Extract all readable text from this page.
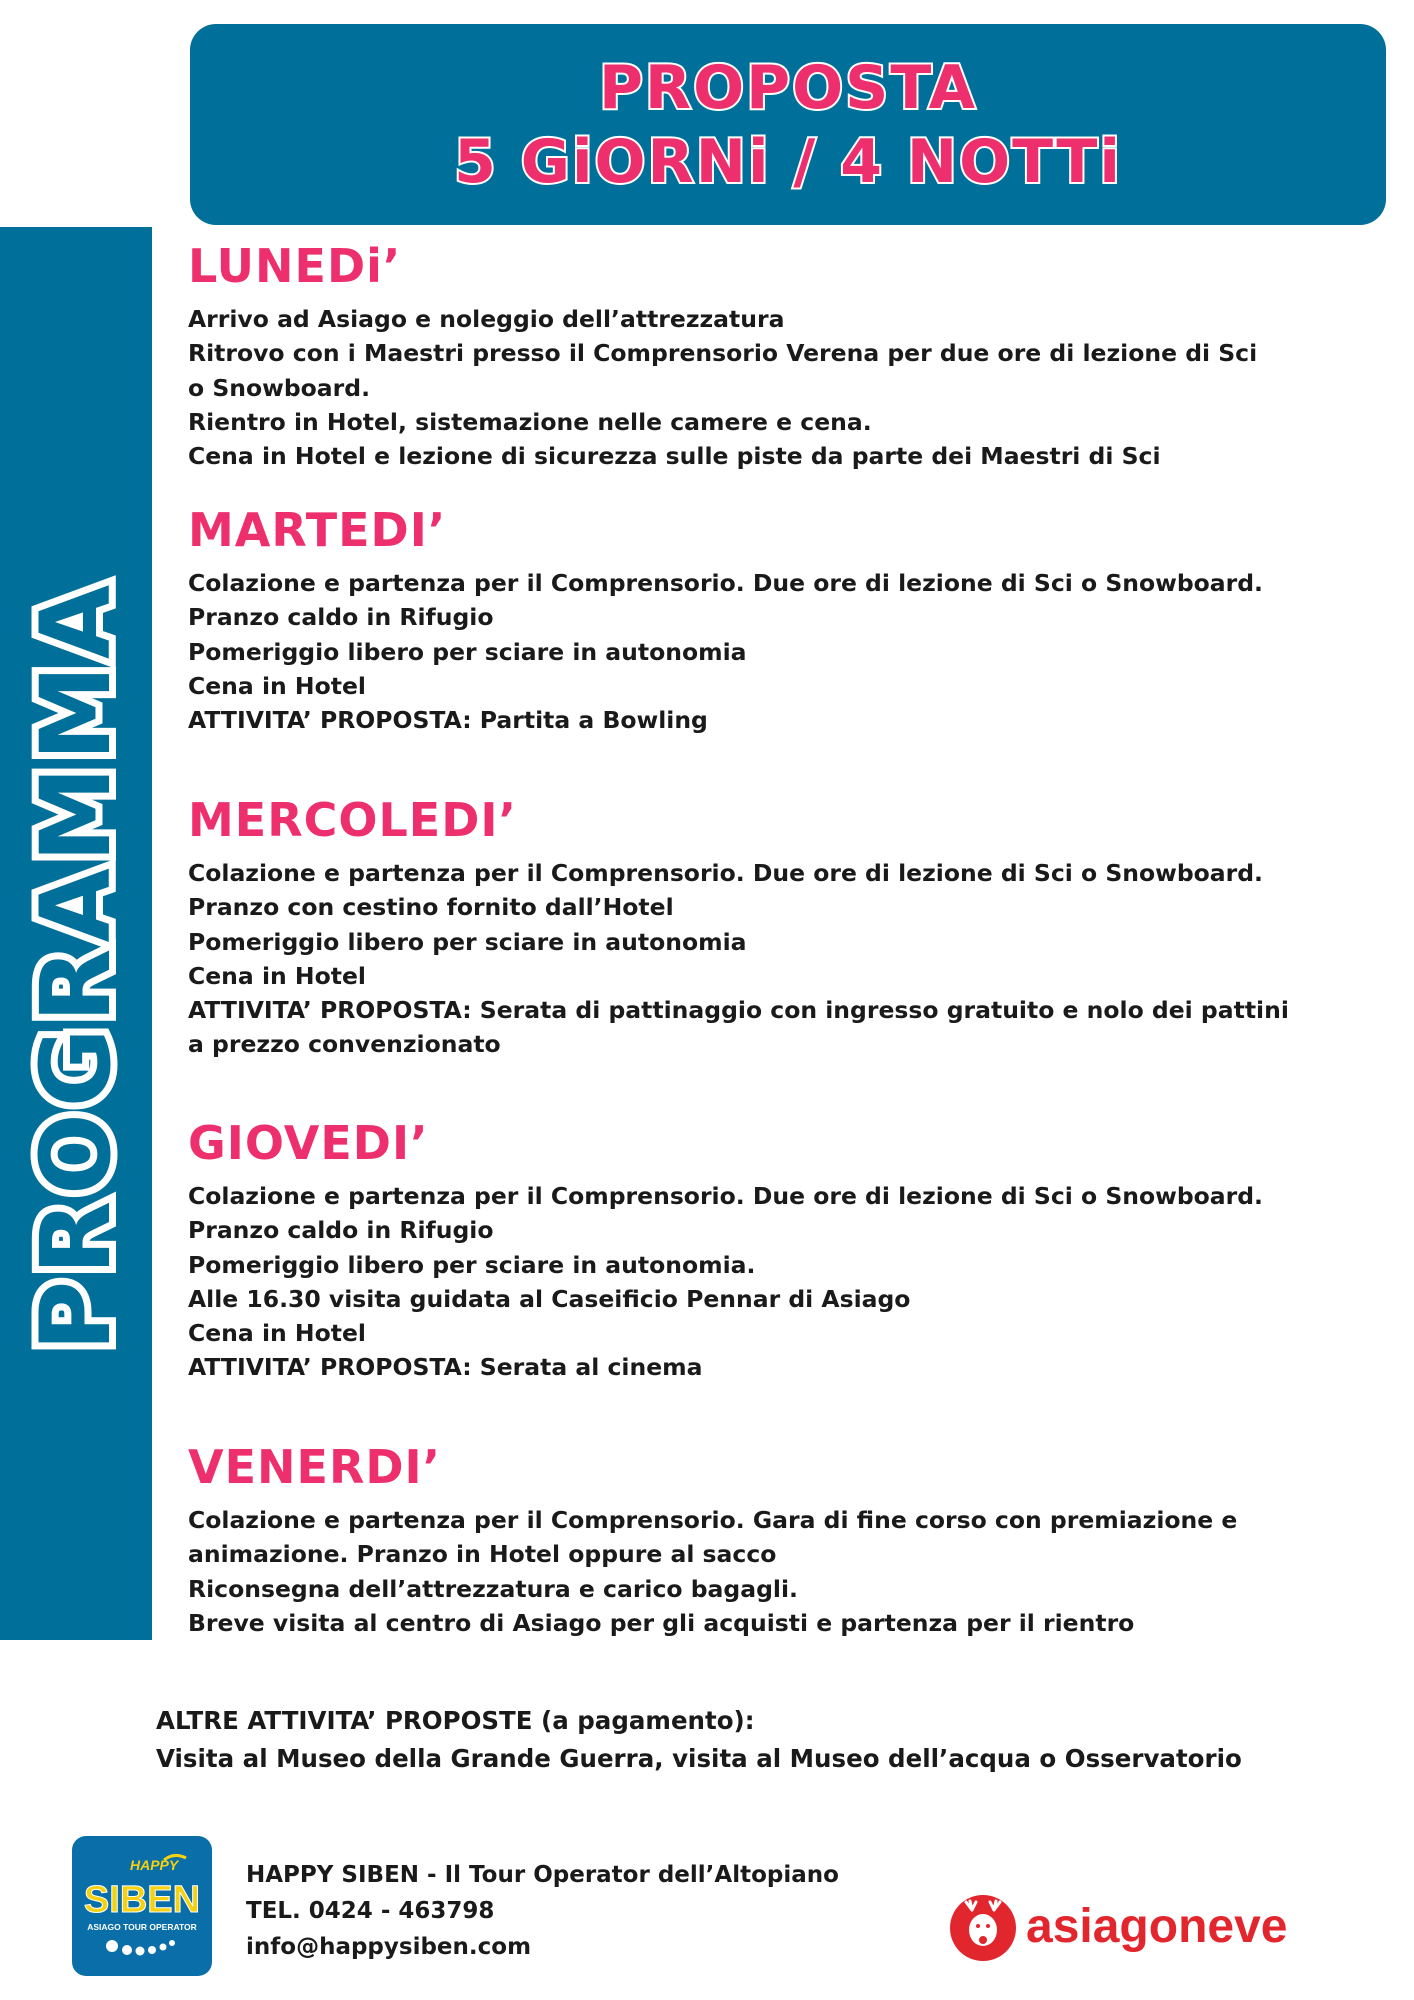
PROPOSTA
5 GiORNi / 4 NOTTi
PROGRAMMA
LUNEDi’
Arrivo ad Asiago e noleggio dell’attrezzatura
Ritrovo con i Maestri presso il Comprensorio Verena per due ore di lezione di Sci
o Snowboard.
Rientro in Hotel, sistemazione nelle camere e cena.
Cena in Hotel e lezione di sicurezza sulle piste da parte dei Maestri di Sci
MARTEDI’
Colazione e partenza per il Comprensorio. Due ore di lezione di Sci o Snowboard.
Pranzo caldo in Rifugio
Pomeriggio libero per sciare in autonomia
Cena in Hotel
ATTIVITA’ PROPOSTA: Partita a Bowling
MERCOLEDI’
Colazione e partenza per il Comprensorio. Due ore di lezione di Sci o Snowboard.
Pranzo con cestino fornito dall’Hotel
Pomeriggio libero per sciare in autonomia
Cena in Hotel
ATTIVITA’ PROPOSTA: Serata di pattinaggio con ingresso gratuito e nolo dei pattini
a prezzo convenzionato
GIOVEDI’
Colazione e partenza per il Comprensorio. Due ore di lezione di Sci o Snowboard.
Pranzo caldo in Rifugio
Pomeriggio libero per sciare in autonomia.
Alle 16.30 visita guidata al Caseificio Pennar di Asiago
Cena in Hotel
ATTIVITA’ PROPOSTA: Serata al cinema
VENERDI’
Colazione e partenza per il Comprensorio. Gara di fine corso con premiazione e
animazione. Pranzo in Hotel oppure al sacco
Riconsegna dell’attrezzatura e carico bagagli.
Breve visita al centro di Asiago per gli acquisti e partenza per il rientro
ALTRE ATTIVITA’ PROPOSTE (a pagamento):
Visita al Museo della Grande Guerra, visita al Museo dell’acqua o Osservatorio
HAPPY
SIBEN
ASIAGO TOUR OPERATOR
HAPPY SIBEN - Il Tour Operator dell’Altopiano
TEL. 0424 - 463798
info@happysiben.com	asiagoneve
